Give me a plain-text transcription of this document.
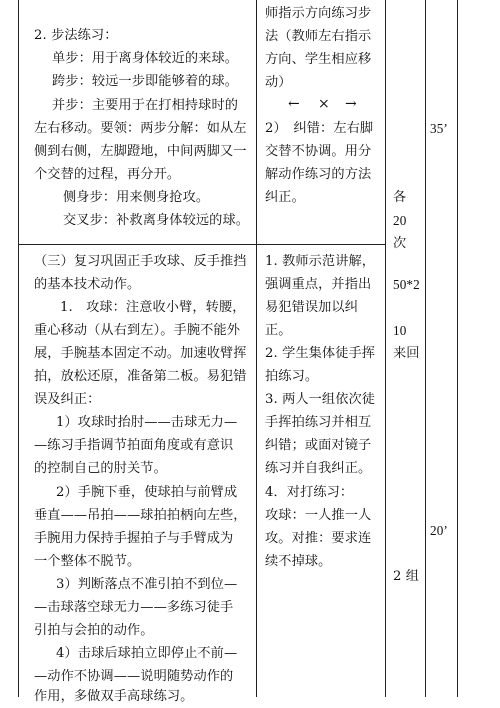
2. 步法练习：
单步：用于离身体较近的来球。
跨步：较远一步即能够着的球。
并步：主要用于在打相持球时的
左右移动。要领：两步分解：如从左
侧到右侧，左脚蹬地，中间两脚又一
个交替的过程，再分开。
侧身步：用来侧身抢攻。
交叉步：补救离身体较远的球。
（三）复习巩固正手攻球、反手推挡
的基本技术动作。
1.　攻球：注意收小臂，转腰，
重心移动（从右到左）。手腕不能外
展，手腕基本固定不动。加速收臂挥
拍，放松还原，准备第二板。易犯错
误及纠正：
1）攻球时抬肘——击球无力—
—练习手指调节拍面角度或有意识
的控制自己的肘关节。
2）手腕下垂，使球拍与前臂成
垂直——吊拍——球拍拍柄向左些，
手腕用力保持手握拍子与手臂成为
一个整体不脱节。
3）判断落点不准引拍不到位—
—击球落空球无力——多练习徒手
引拍与会拍的动作。
4）击球后球拍立即停止不前—
—动作不协调——说明随势动作的
作用，多做双手高球练习。
师指示方向练习步
法（教师左右指示
方向、学生相应移
动）
← × →
2）　纠错：左右脚
交替不协调。用分
解动作练习的方法
纠正。
1. 教师示范讲解，
强调重点，并指出
易犯错误加以纠
正。
2. 学生集体徒手挥
拍练习。
3. 两人一组依次徒
手挥拍练习并相互
纠错；或面对镜子
练习并自我纠正。
4．对打练习：
攻球：一人推一人
攻。对推：要求连
续不掉球。
各
20
次
50*2
10
来回
2 组
35’
20’
